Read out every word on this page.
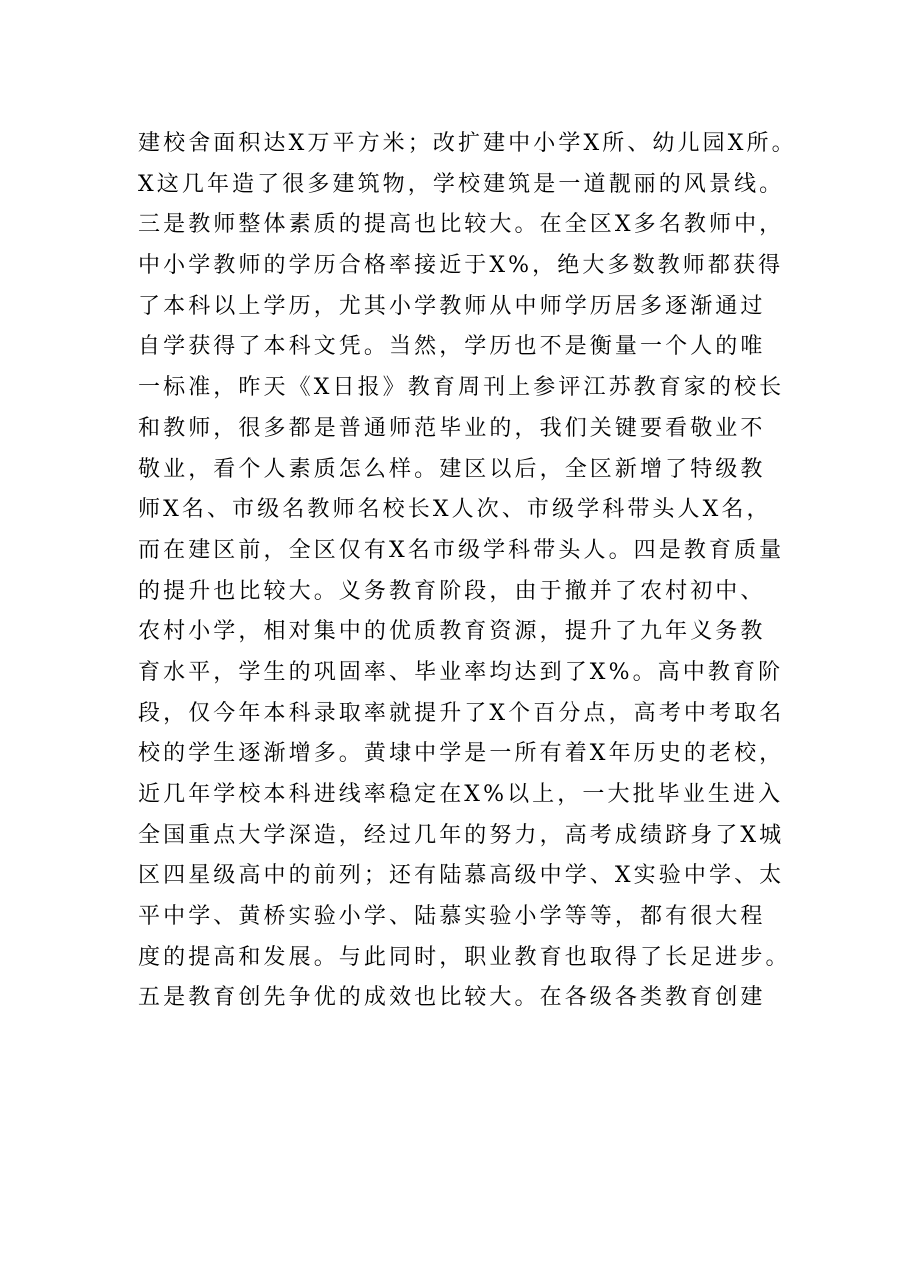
建校舍面积达X万平方米；改扩建中小学X所、幼儿园X所。
X这几年造了很多建筑物，学校建筑是一道靓丽的风景线。
三是教师整体素质的提高也比较大。在全区X多名教师中，
中小学教师的学历合格率接近于X%，绝大多数教师都获得
了本科以上学历，尤其小学教师从中师学历居多逐渐通过
自学获得了本科文凭。当然，学历也不是衡量一个人的唯
一标准，昨天《X日报》教育周刊上参评江苏教育家的校长
和教师，很多都是普通师范毕业的，我们关键要看敬业不
敬业，看个人素质怎么样。建区以后，全区新增了特级教
师X名、市级名教师名校长X人次、市级学科带头人X名，
而在建区前，全区仅有X名市级学科带头人。四是教育质量
的提升也比较大。义务教育阶段，由于撤并了农村初中、
农村小学，相对集中的优质教育资源，提升了九年义务教
育水平，学生的巩固率、毕业率均达到了X%。高中教育阶
段，仅今年本科录取率就提升了X个百分点，高考中考取名
校的学生逐渐增多。黄埭中学是一所有着X年历史的老校，
近几年学校本科进线率稳定在X%以上，一大批毕业生进入
全国重点大学深造，经过几年的努力，高考成绩跻身了X城
区四星级高中的前列；还有陆慕高级中学、X实验中学、太
平中学、黄桥实验小学、陆慕实验小学等等，都有很大程
度的提高和发展。与此同时，职业教育也取得了长足进步。
五是教育创先争优的成效也比较大。在各级各类教育创建
